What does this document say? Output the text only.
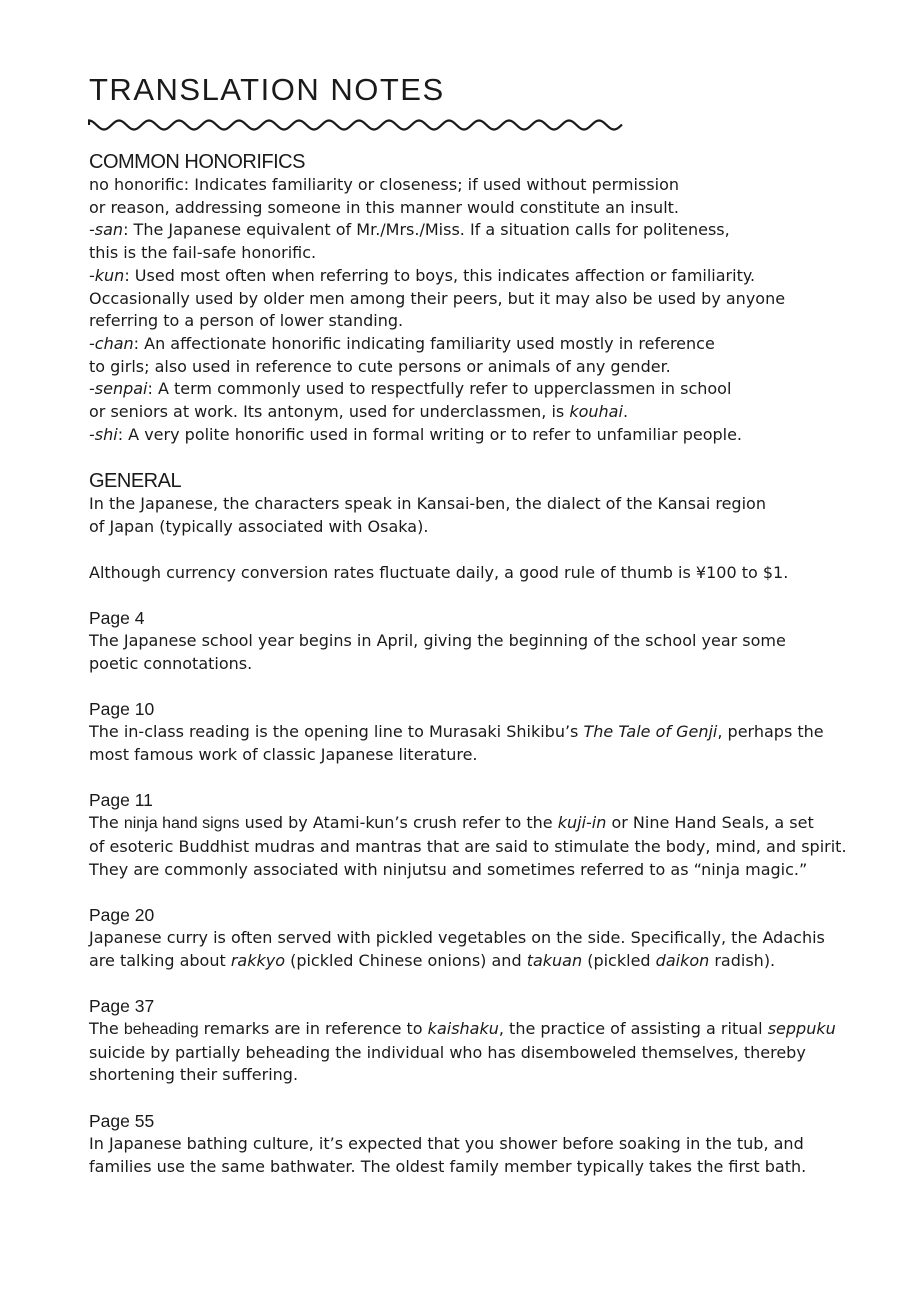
TRANSLATION NOTES
COMMON HONORIFICS
no honorific: Indicates familiarity or closeness; if used without permission
or reason, addressing someone in this manner would constitute an insult.
-san: The Japanese equivalent of Mr./Mrs./Miss. If a situation calls for politeness,
this is the fail-safe honorific.
-kun: Used most often when referring to boys, this indicates affection or familiarity.
Occasionally used by older men among their peers, but it may also be used by anyone
referring to a person of lower standing.
-chan: An affectionate honorific indicating familiarity used mostly in reference
to girls; also used in reference to cute persons or animals of any gender.
-senpai: A term commonly used to respectfully refer to upperclassmen in school
or seniors at work. Its antonym, used for underclassmen, is kouhai.
-shi: A very polite honorific used in formal writing or to refer to unfamiliar people.
GENERAL
In the Japanese, the characters speak in Kansai-ben, the dialect of the Kansai region
of Japan (typically associated with Osaka).
Although currency conversion rates fluctuate daily, a good rule of thumb is ¥100 to $1.
Page 4
The Japanese school year begins in April, giving the beginning of the school year some
poetic connotations.
Page 10
The in-class reading is the opening line to Murasaki Shikibu’s The Tale of Genji, perhaps the
most famous work of classic Japanese literature.
Page 11
The ninja hand signs used by Atami-kun’s crush refer to the kuji-in or Nine Hand Seals, a set
of esoteric Buddhist mudras and mantras that are said to stimulate the body, mind, and spirit.
They are commonly associated with ninjutsu and sometimes referred to as “ninja magic.”
Page 20
Japanese curry is often served with pickled vegetables on the side. Specifically, the Adachis
are talking about rakkyo (pickled Chinese onions) and takuan (pickled daikon radish).
Page 37
The beheading remarks are in reference to kaishaku, the practice of assisting a ritual seppuku
suicide by partially beheading the individual who has disemboweled themselves, thereby
shortening their suffering.
Page 55
In Japanese bathing culture, it’s expected that you shower before soaking in the tub, and
families use the same bathwater. The oldest family member typically takes the first bath.
